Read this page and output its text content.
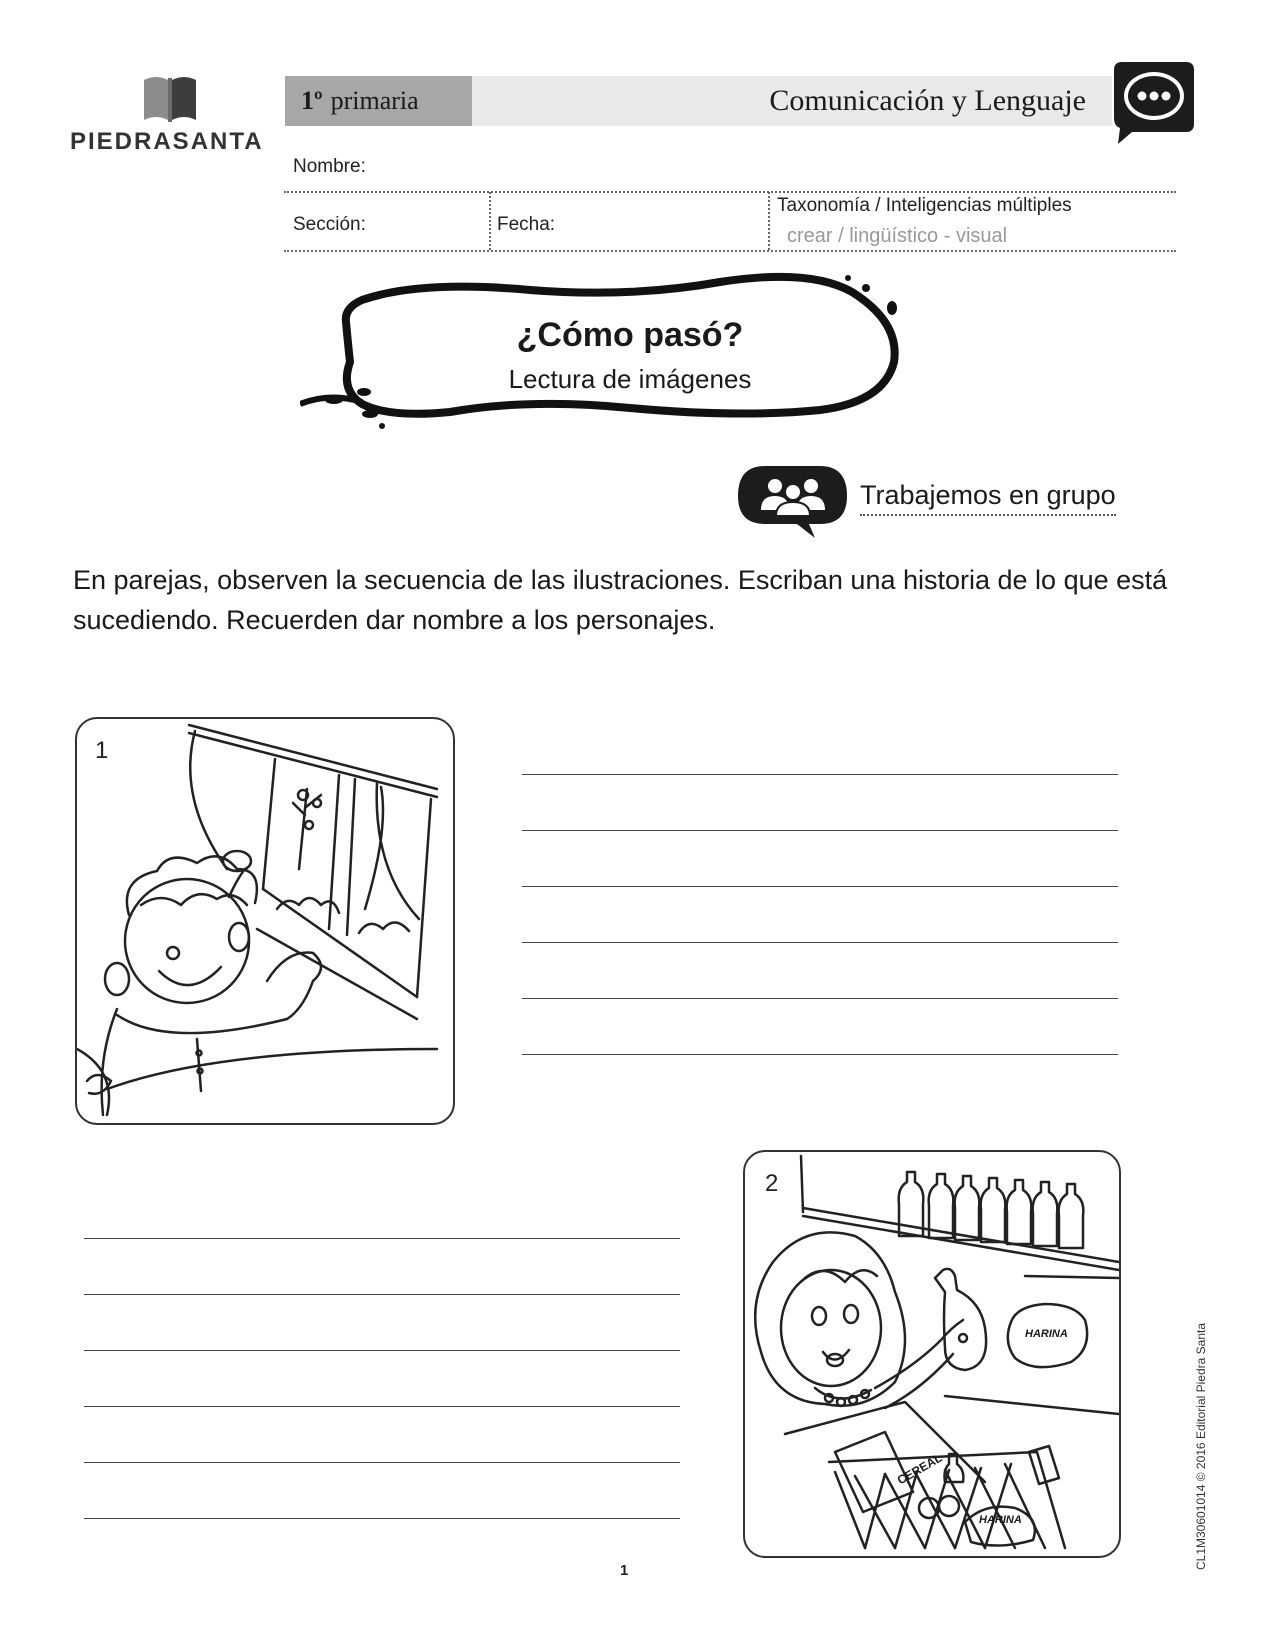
PIEDRASANTA
1º primaria	Comunicación y Lenguaje
Nombre:
Sección:	Fecha:
Taxonomía / Inteligencias múltiples
crear / lingüístico - visual
¿Cómo pasó?
Lectura de imágenes
Trabajemos en grupo
En parejas, observen la secuencia de las ilustraciones. Escriban una historia de lo que está sucediendo. Recuerden dar nombre a los personajes.
1
2
CEREAL
HARINA
HARINA
1
CL1M30601014 © 2016 Editorial Piedra Santa
